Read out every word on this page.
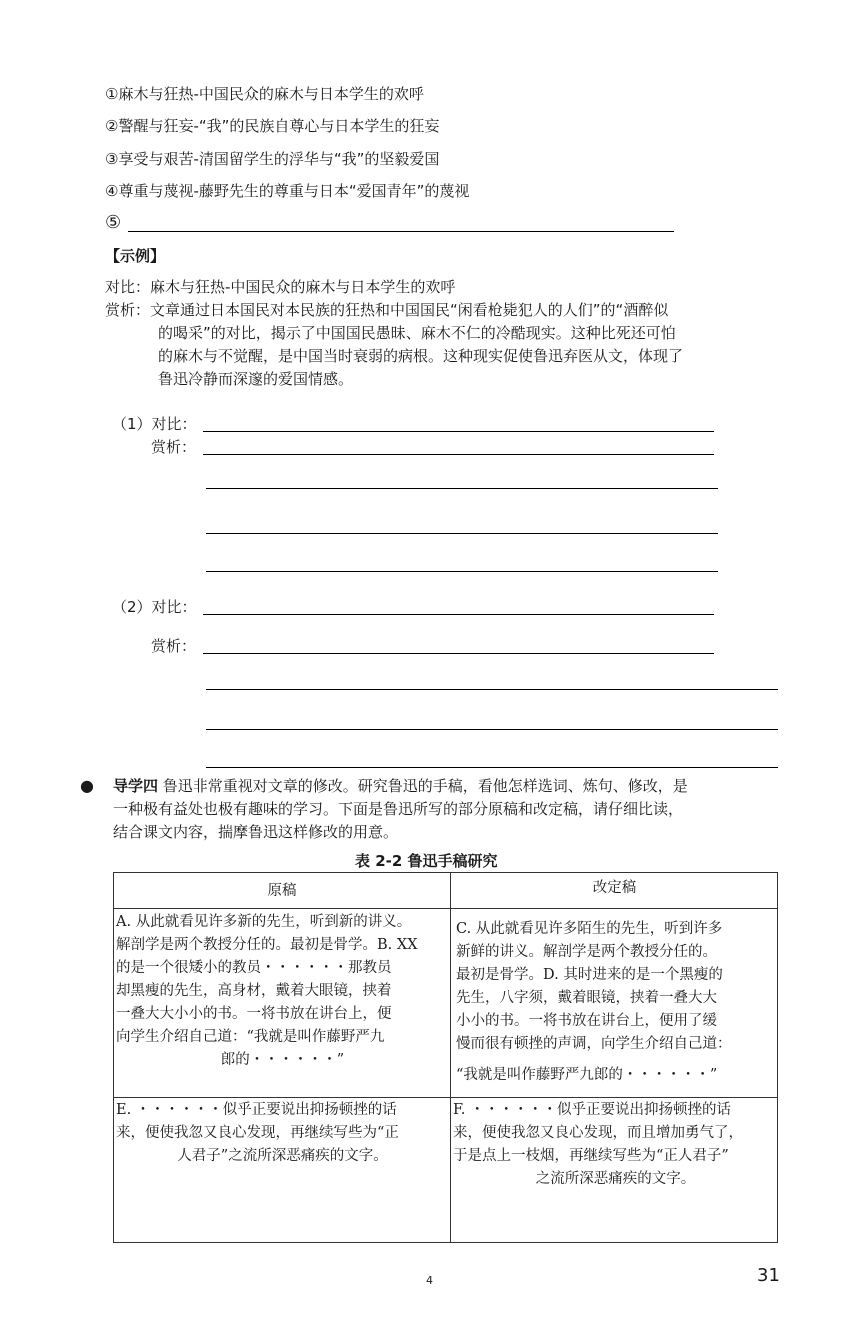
①麻木与狂热-中国民众的麻木与日本学生的欢呼
②警醒与狂妄-“我”的民族自尊心与日本学生的狂妄
③享受与艰苦-清国留学生的浮华与“我”的坚毅爱国
④尊重与蔑视-藤野先生的尊重与日本“爱国青年”的蔑视
⑤
【示例】
对比：麻木与狂热-中国民众的麻木与日本学生的欢呼
赏析：文章通过日本国民对本民族的狂热和中国国民“闲看枪毙犯人的人们”的“酒醉似
的喝采”的对比，揭示了中国国民愚昧、麻木不仁的冷酷现实。这种比死还可怕
的麻木与不觉醒，是中国当时衰弱的病根。这种现实促使鲁迅弃医从文，体现了
鲁迅冷静而深邃的爱国情感。
（1）对比：
赏析：
（2）对比：
赏析：
● 导学四 鲁迅非常重视对文章的修改。研究鲁迅的手稿，看他怎样选词、炼句、修改，是
一种极有益处也极有趣味的学习。下面是鲁迅所写的部分原稿和改定稿，请仔细比读，
结合课文内容，揣摩鲁迅这样修改的用意。
表 2-2 鲁迅手稿研究
原稿	改定稿
A. 从此就看见许多新的先生，听到新的讲义。
解剖学是两个教授分任的。最初是骨学。B. XX
的是一个很矮小的教员・・・・・・那教员
却黑瘦的先生，高身材，戴着大眼镜，挟着
一叠大大小小的书。一将书放在讲台上，便
向学生介绍自己道：“我就是叫作藤野严九
郎的・・・・・・”
C. 从此就看见许多陌生的先生，听到许多
新鲜的讲义。解剖学是两个教授分任的。
最初是骨学。D. 其时进来的是一个黑瘦的
先生，八字须，戴着眼镜，挟着一叠大大
小小的书。一将书放在讲台上，便用了缓
慢而很有顿挫的声调，向学生介绍自己道：
“我就是叫作藤野严九郎的・・・・・・”
E. ・・・・・・似乎正要说出抑扬顿挫的话
来，便使我忽又良心发现，再继续写些为“正
人君子”之流所深恶痛疾的文字。
F. ・・・・・・似乎正要说出抑扬顿挫的话
来，便使我忽又良心发现，而且增加勇气了，
于是点上一枝烟，再继续写些为“正人君子”
之流所深恶痛疾的文字。
4	31
